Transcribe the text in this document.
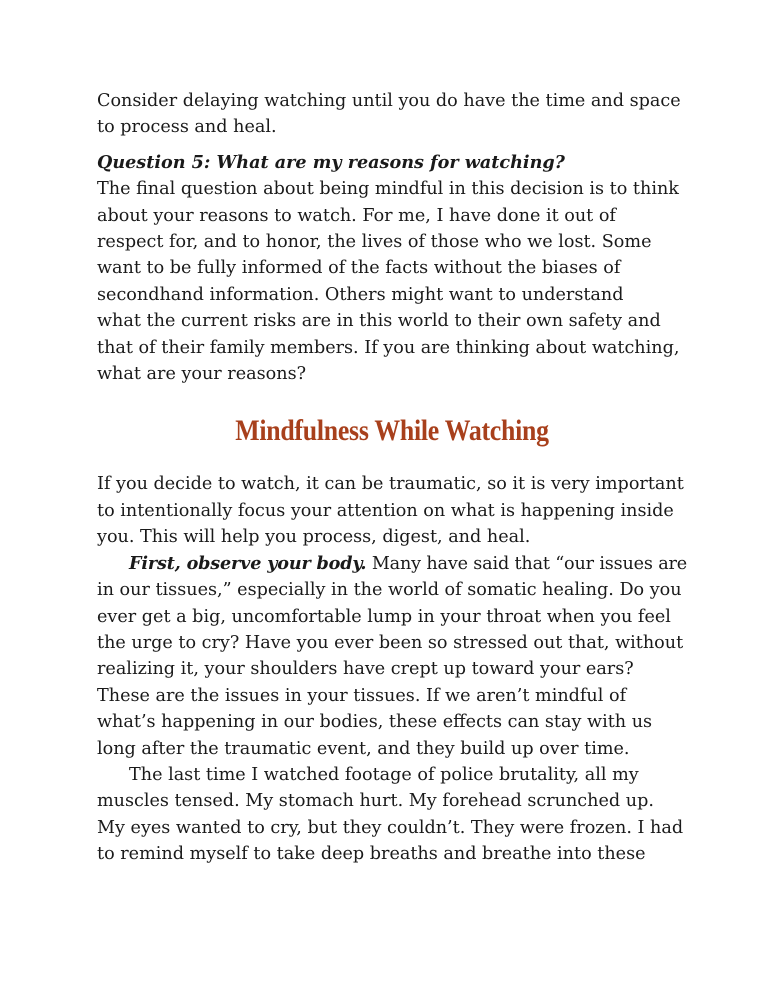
Consider delaying watching until you do have the time and space
to process and heal.

Question 5: What are my reasons for watching?
The final question about being mindful in this decision is to think
about your reasons to watch. For me, I have done it out of
respect for, and to honor, the lives of those who we lost. Some
want to be fully informed of the facts without the biases of
secondhand information. Others might want to understand
what the current risks are in this world to their own safety and
that of their family members. If you are thinking about watching,
what are your reasons?

Mindfulness While Watching

If you decide to watch, it can be traumatic, so it is very important
to intentionally focus your attention on what is happening inside
you. This will help you process, digest, and heal.

First, observe your body. Many have said that “our issues are
in our tissues,” especially in the world of somatic healing. Do you
ever get a big, uncomfortable lump in your throat when you feel
the urge to cry? Have you ever been so stressed out that, without
realizing it, your shoulders have crept up toward your ears?
These are the issues in your tissues. If we aren’t mindful of
what’s happening in our bodies, these effects can stay with us
long after the traumatic event, and they build up over time.

The last time I watched footage of police brutality, all my
muscles tensed. My stomach hurt. My forehead scrunched up.
My eyes wanted to cry, but they couldn’t. They were frozen. I had
to remind myself to take deep breaths and breathe into these
